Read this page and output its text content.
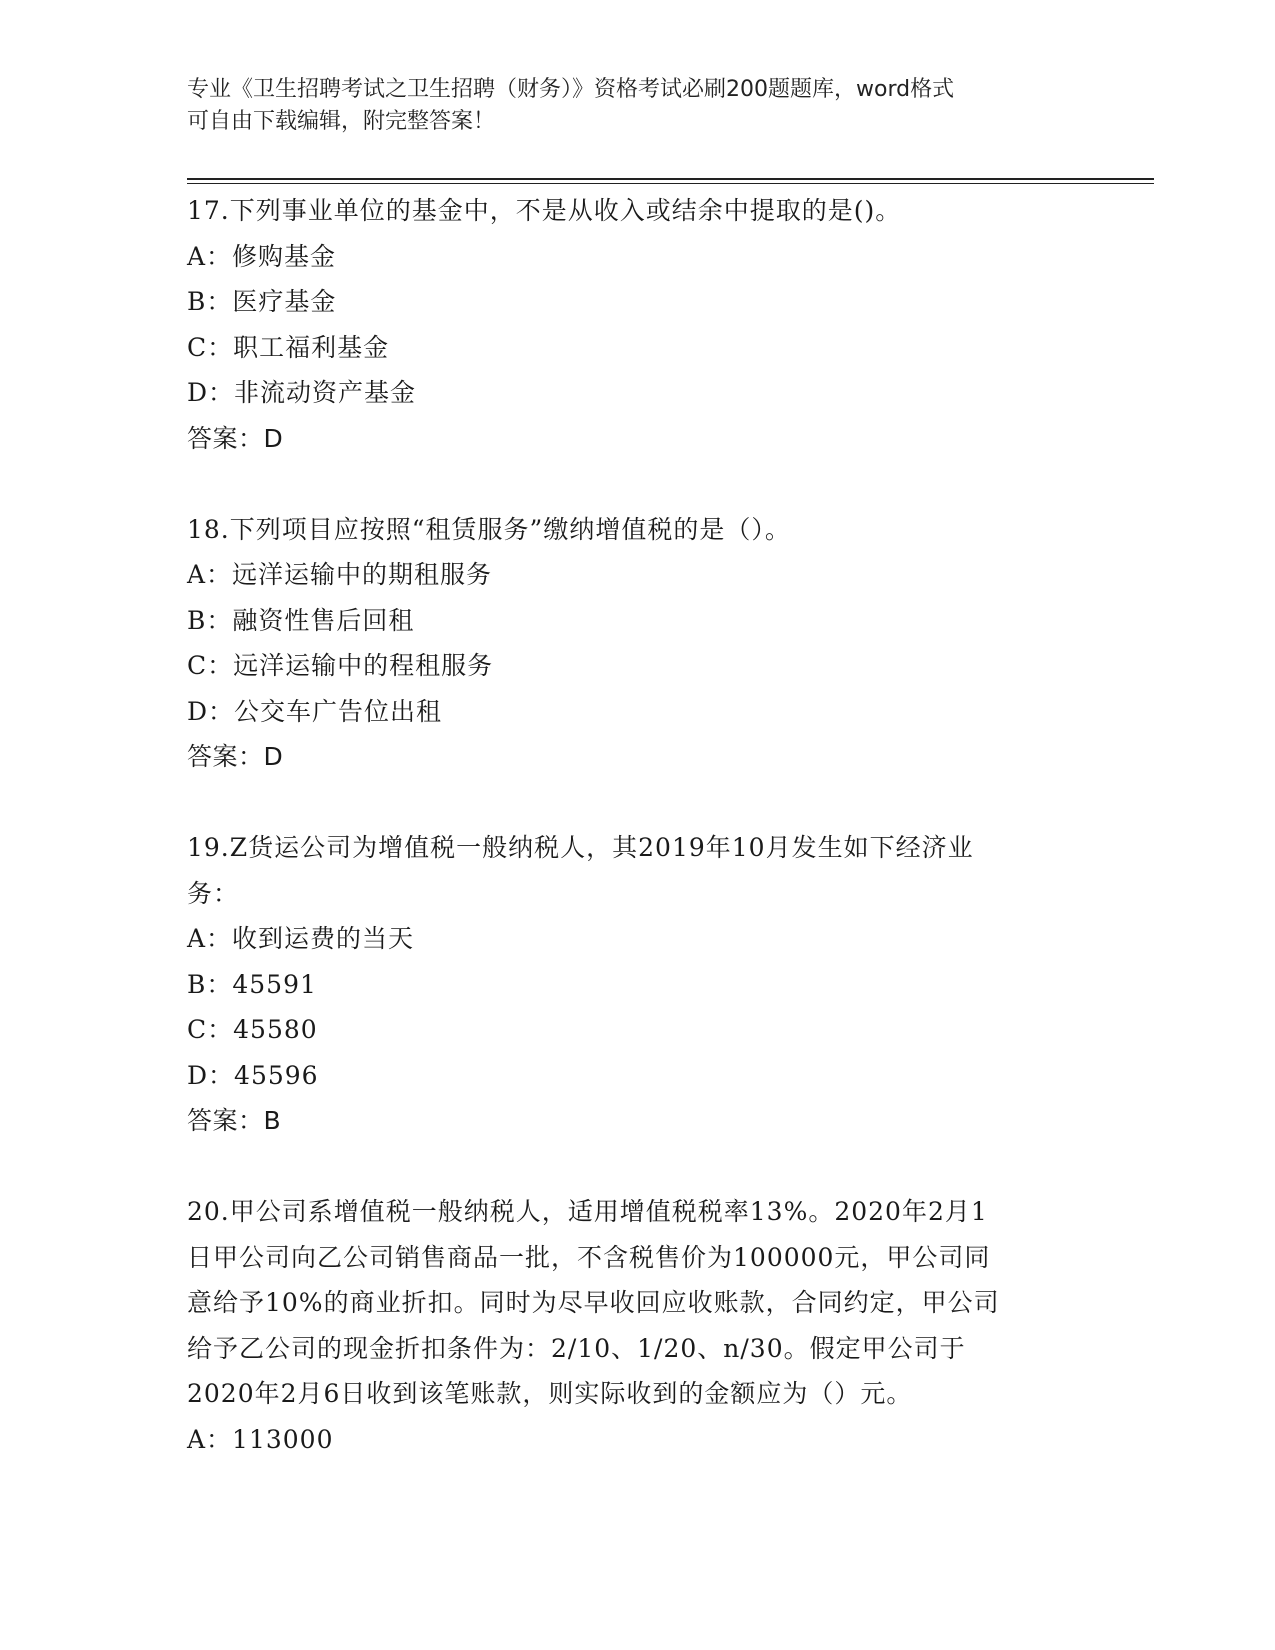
专业《卫生招聘考试之卫生招聘（财务）》资格考试必刷200题题库，word格式
可自由下载编辑，附完整答案！
17.下列事业单位的基金中，不是从收入或结余中提取的是()。
A：修购基金
B：医疗基金
C：职工福利基金
D：非流动资产基金
答案：D
18.下列项目应按照“租赁服务”缴纳增值税的是（）。
A：远洋运输中的期租服务
B：融资性售后回租
C：远洋运输中的程租服务
D：公交车广告位出租
答案：D
19.Z货运公司为增值税一般纳税人，其2019年10月发生如下经济业
务：
A：收到运费的当天
B：45591
C：45580
D：45596
答案：B
20.甲公司系增值税一般纳税人，适用增值税税率13%。2020年2月1
日甲公司向乙公司销售商品一批，不含税售价为100000元，甲公司同
意给予10%的商业折扣。同时为尽早收回应收账款，合同约定，甲公司
给予乙公司的现金折扣条件为：2/10、1/20、n/30。假定甲公司于
2020年2月6日收到该笔账款，则实际收到的金额应为（）元。
A：113000
